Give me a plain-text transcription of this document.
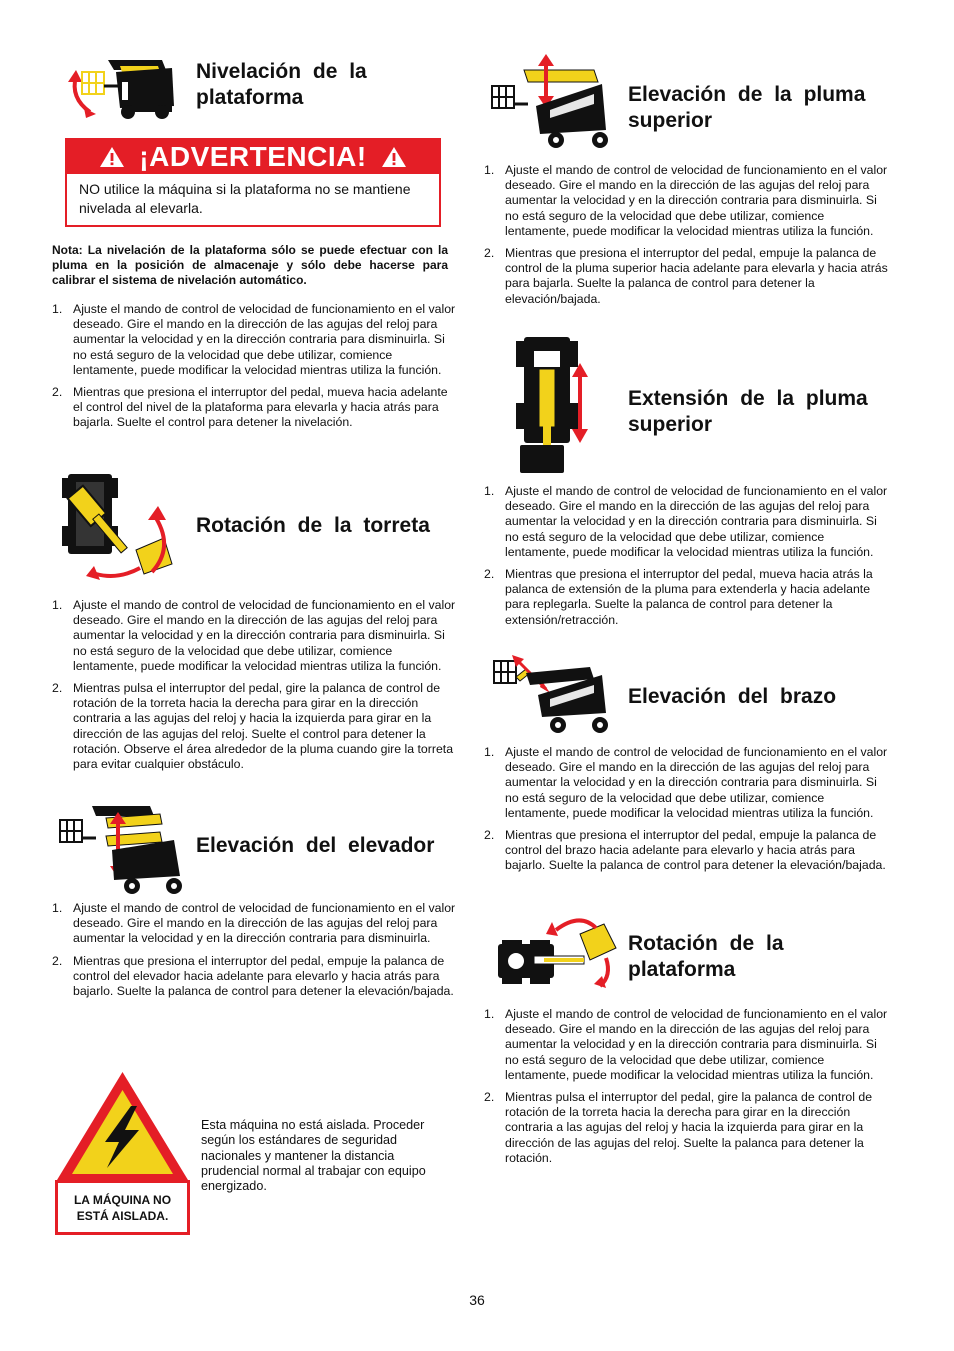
Nivelación de la
plataforma
¡ADVERTENCIA!
NO utilice la máquina si la plataforma no se mantiene nivelada al elevarla.
Nota: La nivelación de la plataforma sólo se puede efectuar con la pluma en la posición de almacenaje y sólo debe hacerse para calibrar el sistema de nivelación automático.
1. Ajuste el mando de control de velocidad de funcionamiento en el valor deseado. Gire el mando en la dirección de las agujas del reloj para aumentar la velocidad y en la dirección contraria para disminuirla. Si no está seguro de la velocidad que debe utilizar, comience lentamente, puede modificar la velocidad mientras utiliza la función.
2. Mientras que presiona el interruptor del pedal, mueva hacia adelante el control del nivel de la plataforma para elevarla y hacia atrás para bajarla. Suelte el control para detener la nivelación.
Rotación de la torreta
1. Ajuste el mando de control de velocidad de funcionamiento en el valor deseado. Gire el mando en la dirección de las agujas del reloj para aumentar la velocidad y en la dirección contraria para disminuirla. Si no está seguro de la velocidad que debe utilizar, comience lentamente, puede modificar la velocidad mientras utiliza la función.
2. Mientras pulsa el interruptor del pedal, gire la palanca de control de rotación de la torreta hacia la derecha para girar en la dirección contraria a las agujas del reloj y hacia la izquierda para girar en la dirección de las agujas del reloj. Suelte el control para detener la rotación. Observe el área alrededor de la pluma cuando gire la torreta para evitar cualquier obstáculo.
Elevación del elevador
1. Ajuste el mando de control de velocidad de funcionamiento en el valor deseado. Gire el mando en la dirección de las agujas del reloj para aumentar la velocidad y en la dirección contraria para disminuirla.
2. Mientras que presiona el interruptor del pedal, empuje la palanca de control del elevador hacia adelante para elevarlo y hacia atrás para bajarlo. Suelte la palanca de control para detener la elevación/bajada.
LA MÁQUINA NO ESTÁ AISLADA.
Esta máquina no está aislada. Proceder según los estándares de seguridad nacionales y mantener la distancia prudencial normal al trabajar con equipo energizado.
Elevación de la pluma
superior
1. Ajuste el mando de control de velocidad de funcionamiento en el valor deseado. Gire el mando en la dirección de las agujas del reloj para aumentar la velocidad y en la dirección contraria para disminuirla. Si no está seguro de la velocidad que debe utilizar, comience lentamente, puede modificar la velocidad mientras utiliza la función.
2. Mientras que presiona el interruptor del pedal, empuje la palanca de control de la pluma superior hacia adelante para elevarla y hacia atrás para bajarla. Suelte la palanca de control para detener la elevación/bajada.
Extensión de la pluma
superior
1. Ajuste el mando de control de velocidad de funcionamiento en el valor deseado. Gire el mando en la dirección de las agujas del reloj para aumentar la velocidad y en la dirección contraria para disminuirla. Si no está seguro de la velocidad que debe utilizar, comience lentamente, puede modificar la velocidad mientras utiliza la función.
2. Mientras que presiona el interruptor del pedal, mueva hacia atrás la palanca de extensión de la pluma para extenderla y hacia adelante para replegarla. Suelte la palanca de control para detener la extensión/retracción.
Elevación del brazo
1. Ajuste el mando de control de velocidad de funcionamiento en el valor deseado. Gire el mando en la dirección de las agujas del reloj para aumentar la velocidad y en la dirección contraria para disminuirla. Si no está seguro de la velocidad que debe utilizar, comience lentamente, puede modificar la velocidad mientras utiliza la función.
2. Mientras que presiona el interruptor del pedal, empuje la palanca de control del brazo hacia adelante para elevarlo y hacia atrás para bajarlo. Suelte la palanca de control para detener la elevación/bajada.
Rotación de la
plataforma
1. Ajuste el mando de control de velocidad de funcionamiento en el valor deseado. Gire el mando en la dirección de las agujas del reloj para aumentar la velocidad y en la dirección contraria para disminuirla. Si no está seguro de la velocidad que debe utilizar, comience lentamente, puede modificar la velocidad mientras utiliza la función.
2. Mientras pulsa el interruptor del pedal, gire la palanca de control de rotación de la torreta hacia la derecha para girar en la dirección contraria a las agujas del reloj y hacia la izquierda para girar en la dirección de las agujas del reloj. Suelte la palanca para detener la rotación.
36
